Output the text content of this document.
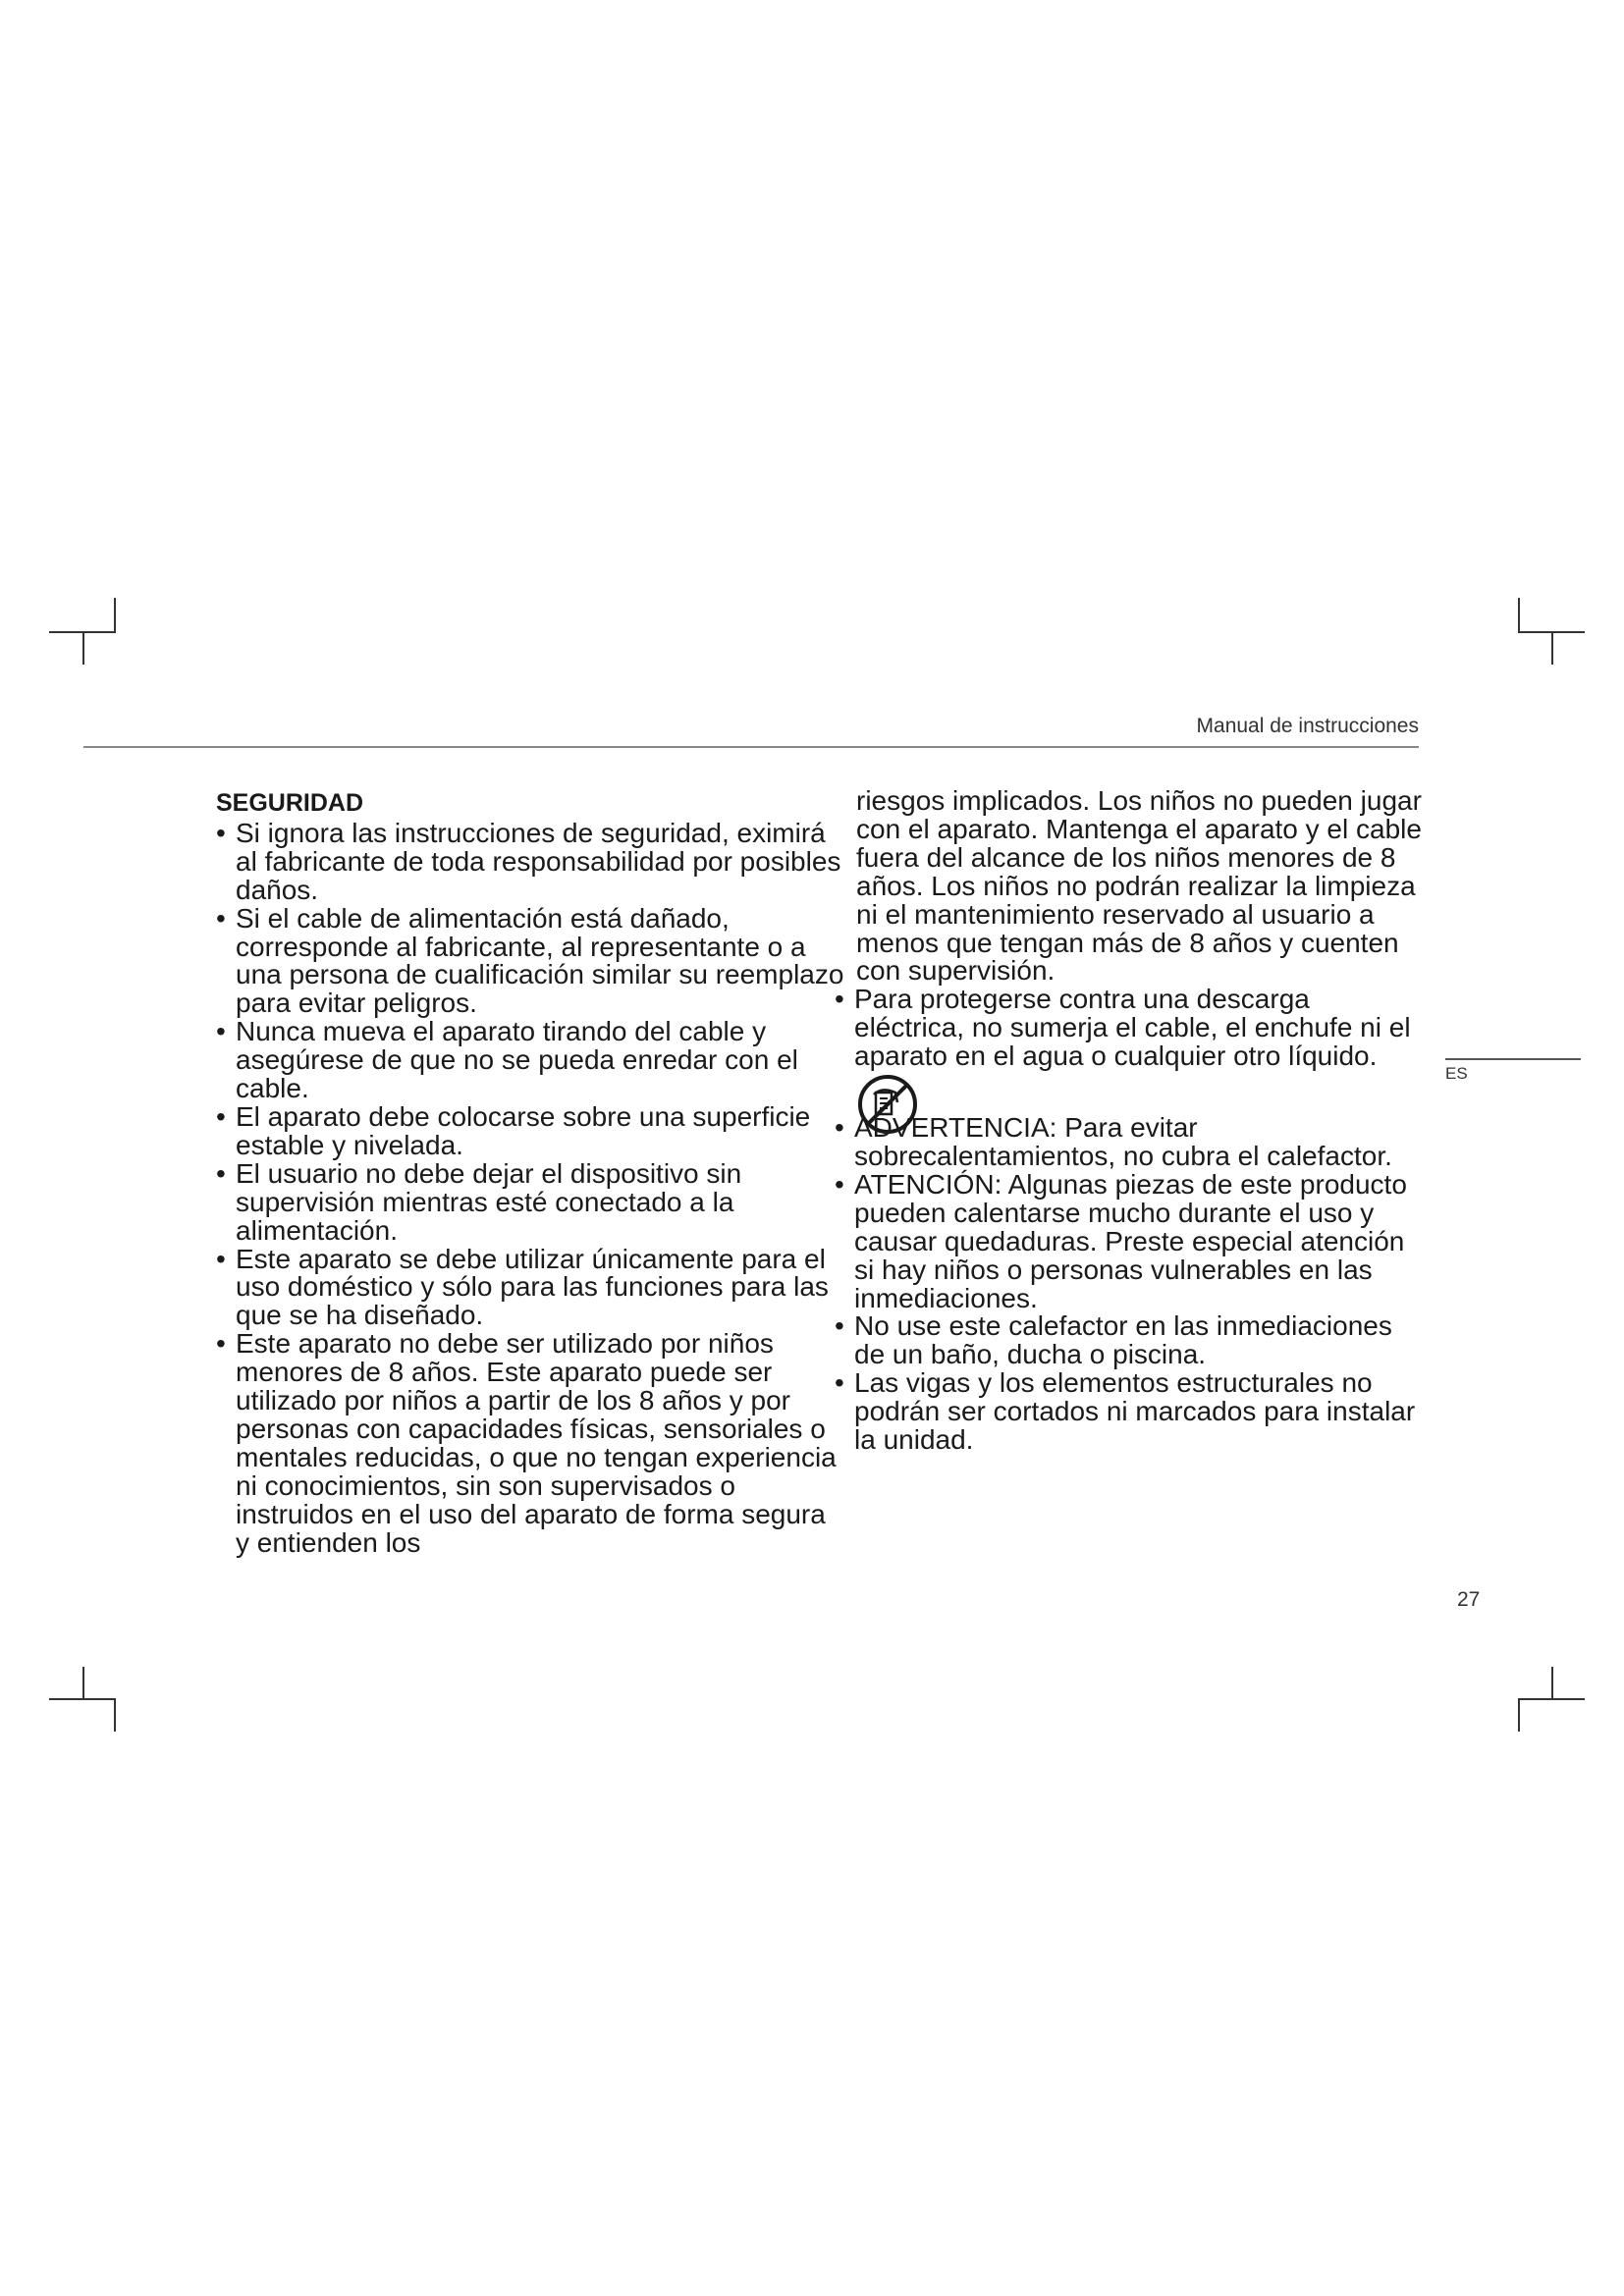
Manual de instrucciones
SEGURIDAD
• Si ignora las instrucciones de seguridad, eximirá al fabricante de toda responsabilidad por posibles daños.
• Si el cable de alimentación está dañado, corresponde al fabricante, al representante o a una persona de cualificación similar su reemplazo para evitar peligros.
• Nunca mueva el aparato tirando del cable y asegúrese de que no se pueda enredar con el cable.
• El aparato debe colocarse sobre una superficie estable y nivelada.
• El usuario no debe dejar el dispositivo sin supervisión mientras esté conectado a la alimentación.
• Este aparato se debe utilizar únicamente para el uso doméstico y sólo para las funciones para las que se ha diseñado.
• Este aparato no debe ser utilizado por niños menores de 8 años. Este aparato puede ser utilizado por niños a partir de los 8 años y por personas con capacidades físicas, sensoriales o mentales reducidas, o que no tengan experiencia ni conocimientos, sin son supervisados o instruidos en el uso del aparato de forma segura y entienden los
riesgos implicados. Los niños no pueden jugar con el aparato. Mantenga el aparato y el cable fuera del alcance de los niños menores de 8 años. Los niños no podrán realizar la limpieza ni el mantenimiento reservado al usuario a menos que tengan más de 8 años y cuenten con supervisión.
• Para protegerse contra una descarga eléctrica, no sumerja el cable, el enchufe ni el aparato en el agua o cualquier otro líquido.
• ADVERTENCIA: Para evitar sobrecalentamientos, no cubra el calefactor.
• ATENCIÓN: Algunas piezas de este producto pueden calentarse mucho durante el uso y causar quedaduras. Preste especial atención si hay niños o personas vulnerables en las inmediaciones.
• No use este calefactor en las inmediaciones de un baño, ducha o piscina.
• Las vigas y los elementos estructurales no podrán ser cortados ni marcados para instalar la unidad.
ES
27
